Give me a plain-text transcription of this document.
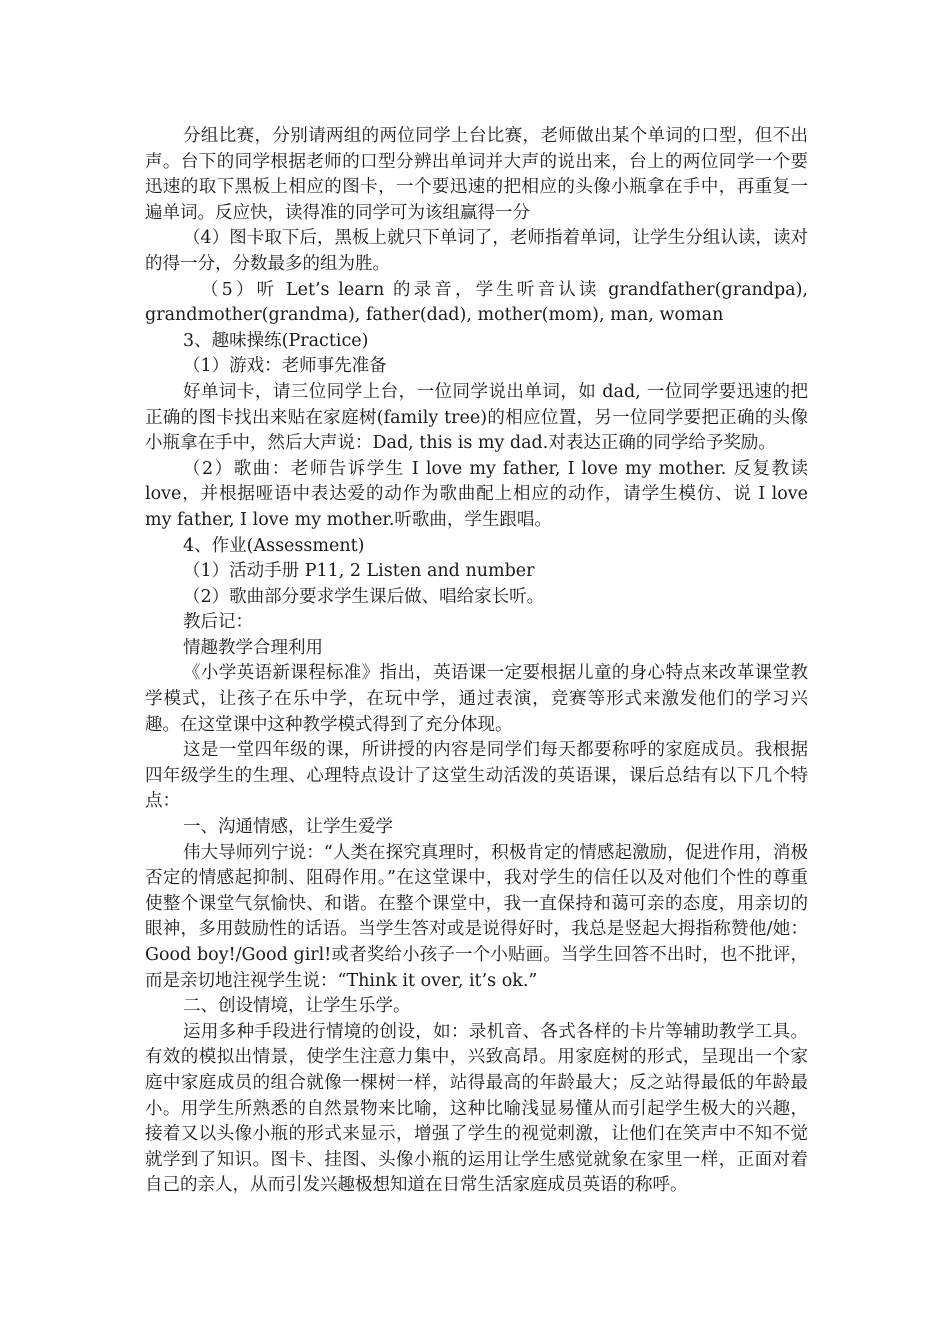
分组比赛，分别请两组的两位同学上台比赛，老师做出某个单词的口型，但不出声。台下的同学根据老师的口型分辨出单词并大声的说出来，台上的两位同学一个要迅速的取下黑板上相应的图卡，一个要迅速的把相应的头像小瓶拿在手中，再重复一遍单词。反应快，读得准的同学可为该组赢得一分

（4）图卡取下后，黑板上就只下单词了，老师指着单词，让学生分组认读，读对的得一分，分数最多的组为胜。

（5）听 Let’s learn 的录音，学生听音认读 grandfather(grandpa), grandmother(grandma), father(dad), mother(mom), man, woman

3、趣味操练(Practice)

（1）游戏：老师事先准备

好单词卡，请三位同学上台，一位同学说出单词，如 dad, 一位同学要迅速的把正确的图卡找出来贴在家庭树(family tree)的相应位置，另一位同学要把正确的头像小瓶拿在手中，然后大声说：Dad, this is my dad.对表达正确的同学给予奖励。

（2）歌曲：老师告诉学生 I love my father, I love my mother. 反复教读 love，并根据哑语中表达爱的动作为歌曲配上相应的动作，请学生模仿、说 I love my father, I love my mother.听歌曲，学生跟唱。

4、作业(Assessment)

（1）活动手册 P11, 2 Listen and number

（2）歌曲部分要求学生课后做、唱给家长听。

教后记：

情趣教学合理利用

《小学英语新课程标准》指出，英语课一定要根据儿童的身心特点来改革课堂教学模式，让孩子在乐中学，在玩中学，通过表演，竞赛等形式来激发他们的学习兴趣。在这堂课中这种教学模式得到了充分体现。

这是一堂四年级的课，所讲授的内容是同学们每天都要称呼的家庭成员。我根据四年级学生的生理、心理特点设计了这堂生动活泼的英语课，课后总结有以下几个特点：

一、沟通情感，让学生爱学

伟大导师列宁说：“人类在探究真理时，积极肯定的情感起激励，促进作用，消极否定的情感起抑制、阻碍作用。”在这堂课中，我对学生的信任以及对他们个性的尊重使整个课堂气氛愉快、和谐。在整个课堂中，我一直保持和蔼可亲的态度，用亲切的眼神，多用鼓励性的话语。当学生答对或是说得好时，我总是竖起大拇指称赞他/她：Good boy!/Good girl!或者奖给小孩子一个小贴画。当学生回答不出时，也不批评，而是亲切地注视学生说：“Think it over, it’s ok.”

二、创设情境，让学生乐学。

运用多种手段进行情境的创设，如：录机音、各式各样的卡片等辅助教学工具。有效的模拟出情景，使学生注意力集中，兴致高昂。用家庭树的形式，呈现出一个家庭中家庭成员的组合就像一棵树一样，站得最高的年龄最大；反之站得最低的年龄最小。用学生所熟悉的自然景物来比喻，这种比喻浅显易懂从而引起学生极大的兴趣，接着又以头像小瓶的形式来显示，增强了学生的视觉刺激，让他们在笑声中不知不觉就学到了知识。图卡、挂图、头像小瓶的运用让学生感觉就象在家里一样，正面对着自己的亲人，从而引发兴趣极想知道在日常生活家庭成员英语的称呼。
